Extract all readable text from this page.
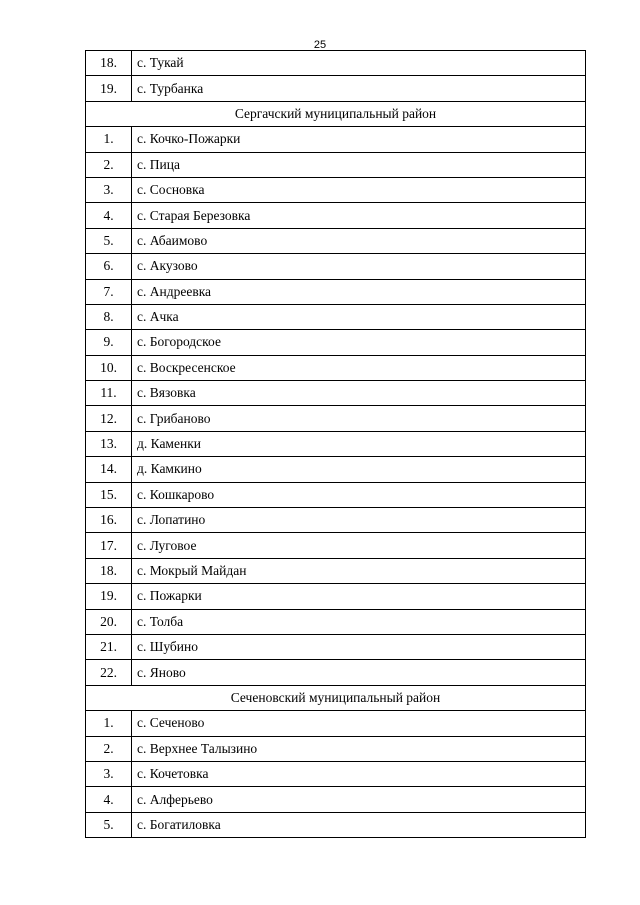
25
18.	с. Тукай
19.	с. Турбанка
Сергачский муниципальный район	
1.	с. Кочко-Пожарки
2.	с. Пица
3.	с. Сосновка
4.	с. Старая Березовка
5.	с. Абаимово
6.	с. Акузово
7.	с. Андреевка
8.	с. Ачка
9.	с. Богородское
10.	с. Воскресенское
11.	с. Вязовка
12.	с. Грибаново
13.	д. Каменки
14.	д. Камкино
15.	с. Кошкарово
16.	с. Лопатино
17.	с. Луговое
18.	с. Мокрый Майдан
19.	с. Пожарки
20.	с. Толба
21.	с. Шубино
22.	с. Яново
Сеченовский муниципальный район	
1.	с. Сеченово
2.	с. Верхнее Талызино
3.	с. Кочетовка
4.	с. Алферьево
5.	с. Богатиловка
